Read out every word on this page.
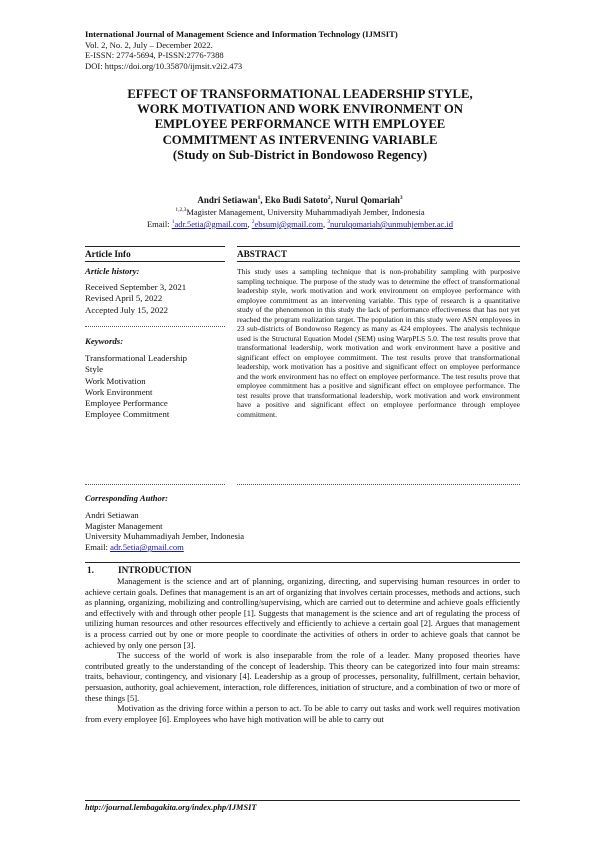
International Journal of Management Science and Information Technology (IJMSIT)
Vol. 2, No. 2, July – December 2022.
E-ISSN: 2774-5694, P-ISSN:2776-7388
DOI: https://doi.org/10.35870/ijmsit.v2i2.473
EFFECT OF TRANSFORMATIONAL LEADERSHIP STYLE,
WORK MOTIVATION AND WORK ENVIRONMENT ON
EMPLOYEE PERFORMANCE WITH EMPLOYEE
COMMITMENT AS INTERVENING VARIABLE
(Study on Sub-District in Bondowoso Regency)
Andri Setiawan$^1$, Eko Budi Satoto$^2$, Nurul Qomariah$^3$
$^{1,2,3}$Magister Management, University Muhammadiyah Jember, Indonesia
Email: $^1$adr.5etia@gmail.com, $^2$ebsumj@gmail.com, $^3$nurulqomariah@unmuhjember.ac.id
Article Info	ABSTRACT
Article history:
Received September 3, 2021
Revised April 5, 2022
Accepted July 15, 2022
Keywords:
Transformational Leadership
Style
Work Motivation
Work Environment
Employee Performance
Employee Commitment
This study uses a sampling technique that is non-probability sampling with purposive sampling technique. The purpose of the study was to determine the effect of transformational leadership style, work motivation and work environment on employee performance with employee commitment as an intervening variable. This type of research is a quantitative study of the phenomenon in this study the lack of performance effectiveness that has not yet reached the program realization target. The population in this study were ASN employees in 23 sub-districts of Bondowoso Regency as many as 424 employees. The analysis technique used is the Structural Equation Model (SEM) using WarpPLS 5.0. The test results prove that transformational leadership, work motivation and work environment have a positive and significant effect on employee commitment. The test results prove that transformational leadership, work motivation has a positive and significant effect on employee performance and the work environment has no effect on employee performance. The test results prove that employee commitment has a positive and significant effect on employee performance. The test results prove that transformational leadership, work motivation and work environment have a positive and significant effect on employee performance through employee commitment.
Corresponding Author:
Andri Setiawan
Magister Management
University Muhammadiyah Jember, Indonesia
Email: adr.5etia@gmail.com
1.	INTRODUCTION

Management is the science and art of planning, organizing, directing, and supervising human resources in order to achieve certain goals. Defines that management is an art of organizing that involves certain processes, methods and actions, such as planning, organizing, mobilizing and controlling/supervising, which are carried out to determine and achieve goals efficiently and effectively with and through other people [1]. Suggests that management is the science and art of regulating the process of utilizing human resources and other resources effectively and efficiently to achieve a certain goal [2]. Argues that management is a process carried out by one or more people to coordinate the activities of others in order to achieve goals that cannot be achieved by only one person [3].

The success of the world of work is also inseparable from the role of a leader. Many proposed theories have contributed greatly to the understanding of the concept of leadership. This theory can be categorized into four main streams: traits, behaviour, contingency, and visionary [4]. Leadership as a group of processes, personality, fulfillment, certain behavior, persuasion, authority, goal achievement, interaction, role differences, initiation of structure, and a combination of two or more of these things [5].

Motivation as the driving force within a person to act. To be able to carry out tasks and work well requires motivation from every employee [6]. Employees who have high motivation will be able to carry out

http://journal.lembagakita.org/index.php/IJMSIT
